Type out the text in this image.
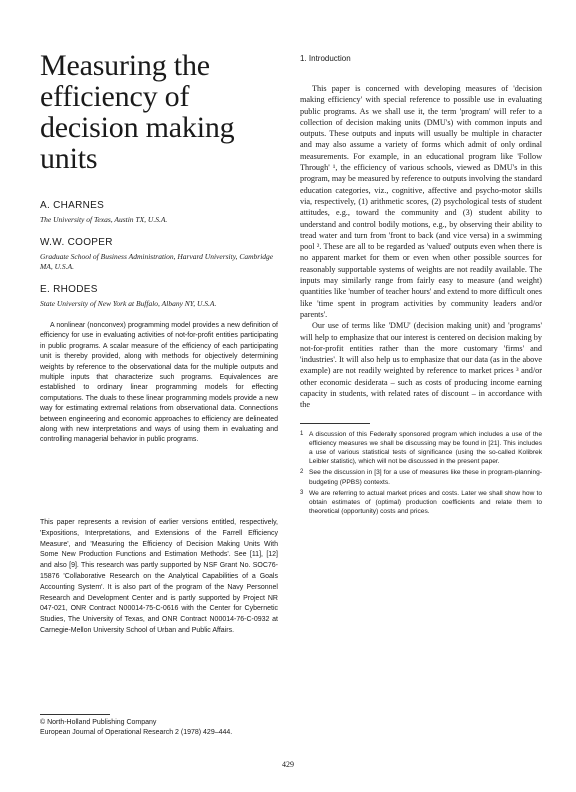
Measuring the
efficiency of
decision making
units
A. CHARNES
The University of Texas, Austin TX, U.S.A.
W.W. COOPER
Graduate School of Business Administration, Harvard University, Cambridge MA, U.S.A.
E. RHODES
State University of New York at Buffalo, Albany NY, U.S.A.

A nonlinear (nonconvex) programming model provides a new definition of efficiency for use in evaluating activities of not-for-profit entities participating in public programs. A scalar measure of the efficiency of each participating unit is thereby provided, along with methods for objectively determining weights by reference to the observational data for the multiple outputs and multiple inputs that characterize such programs. Equivalences are established to ordinary linear programming models for effecting computations. The duals to these linear programming models provide a new way for estimating extremal relations from observational data. Connections between engineering and economic approaches to efficiency are delineated along with new interpretations and ways of using them in evaluating and controlling managerial behavior in public programs.

This paper represents a revision of earlier versions entitled, respectively, 'Expositions, Interpretations, and Extensions of the Farrell Efficiency Measure', and 'Measuring the Efficiency of Decision Making Units With Some New Production Functions and Estimation Methods'. See [11], [12] and also [9]. This research was partly supported by NSF Grant No. SOC76-15876 'Collaborative Research on the Analytical Capabilities of a Goals Accounting System'. It is also part of the program of the Navy Personnel Research and Development Center and is partly supported by Project NR 047-021, ONR Contract N00014-75-C-0616 with the Center for Cybernetic Studies, The University of Texas, and ONR Contract N00014-76-C-0932 at Carnegie-Mellon University School of Urban and Public Affairs.

© North-Holland Publishing Company
European Journal of Operational Research 2 (1978) 429–444.
1. Introduction

This paper is concerned with developing measures of 'decision making efficiency' with special reference to possible use in evaluating public programs. As we shall use it, the term 'program' will refer to a collection of decision making units (DMU's) with common inputs and outputs. These outputs and inputs will usually be multiple in character and may also assume a variety of forms which admit of only ordinal measurements. For example, in an educational program like 'Follow Through' ¹, the efficiency of various schools, viewed as DMU's in this program, may be measured by reference to outputs involving the standard education categories, viz., cognitive, affective and psycho-motor skills via, respectively, (1) arithmetic scores, (2) psychological tests of student attitudes, e.g., toward the community and (3) student ability to understand and control bodily motions, e.g., by observing their ability to tread water and turn from 'front to back (and vice versa) in a swimming pool ². These are all to be regarded as 'valued' outputs even when there is no apparent market for them or even when other possible sources for reasonably supportable systems of weights are not readily available. The inputs may similarly range from fairly easy to measure (and weight) quantities like 'number of teacher hours' and extend to more difficult ones like 'time spent in program activities by community leaders and/or parents'.

Our use of terms like 'DMU' (decision making unit) and 'programs' will help to emphasize that our interest is centered on decision making by not-for-profit entities rather than the more customary 'firms' and 'industries'. It will also help us to emphasize that our data (as in the above example) are not readily weighted by reference to market prices ³ and/or other economic desiderata – such as costs of producing income earning capacity in students, with related rates of discount – in accordance with the

1 A discussion of this Federally sponsored program which includes a use of the efficiency measures we shall be discussing may be found in [21]. This includes a use of various statistical tests of significance (using the so-called Kolibrek Leibler statistic), which will not be discussed in the present paper.
2 See the discussion in [3] for a use of measures like these in program-planning-budgeting (PPBS) contexts.
3 We are referring to actual market prices and costs. Later we shall show how to obtain estimates of (optimal) production coefficients and relate them to theoretical (opportunity) costs and prices.
429
